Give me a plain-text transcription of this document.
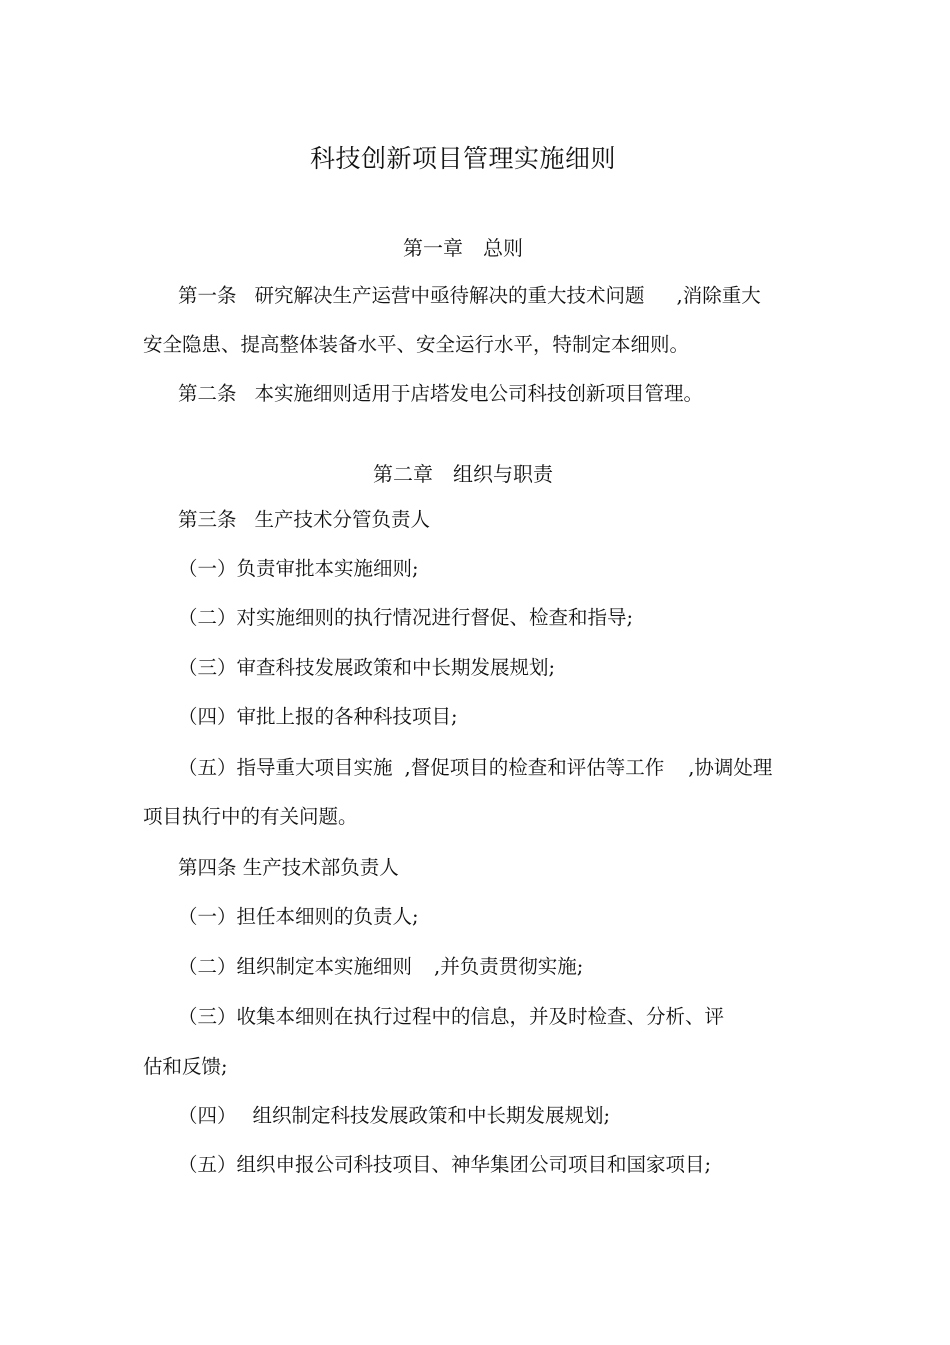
科技创新项目管理实施细则
第一章　总则

第一条 研究解决生产运营中亟待解决的重大技术问题 ,消除重大

安全隐患、提高整体装备水平、安全运行水平，特制定本细则。

第二条 本实施细则适用于店塔发电公司科技创新项目管理。

第二章　组织与职责

第三条 生产技术分管负责人

（一）负责审批本实施细则;

（二）对实施细则的执行情况进行督促、检查和指导;

（三）审查科技发展政策和中长期发展规划;

（四）审批上报的各种科技项目;

（五）指导重大项目实施 ,督促项目的检查和评估等工作 ,协调处理

项目执行中的有关问题。

第四条 生产技术部负责人

（一）担任本细则的负责人;

（二）组织制定本实施细则 ,并负责贯彻实施;

（三）收集本细则在执行过程中的信息，并及时检查、分析、评

估和反馈;

（四） 组织制定科技发展政策和中长期发展规划;

（五）组织申报公司科技项目、神华集团公司项目和国家项目;
